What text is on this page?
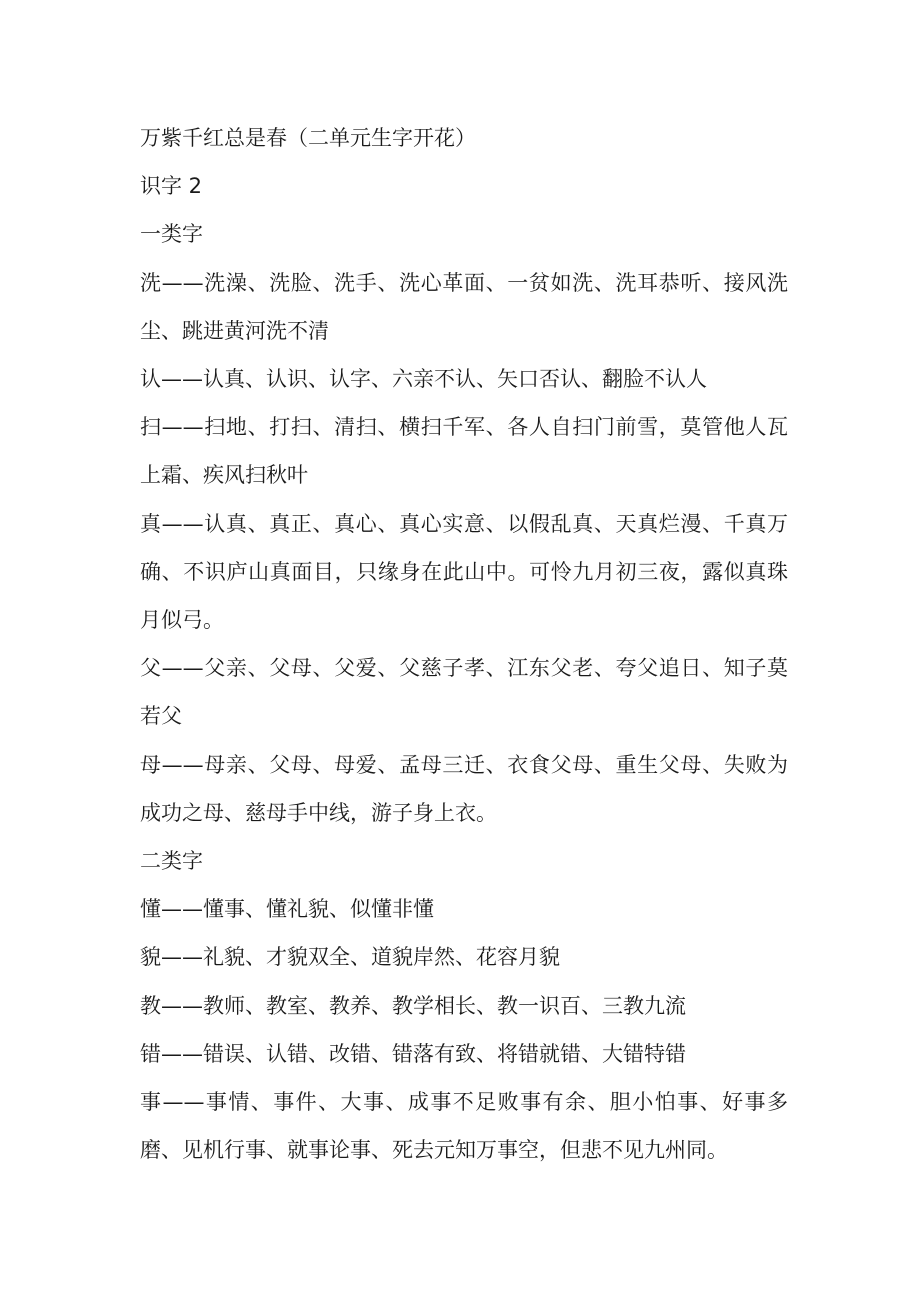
万紫千红总是春（二单元生字开花）

识字 2

一类字

洗——洗澡、洗脸、洗手、洗心革面、一贫如洗、洗耳恭听、接风洗尘、跳进黄河洗不清

认——认真、认识、认字、六亲不认、矢口否认、翻脸不认人

扫——扫地、打扫、清扫、横扫千军、各人自扫门前雪，莫管他人瓦上霜、疾风扫秋叶

真——认真、真正、真心、真心实意、以假乱真、天真烂漫、千真万确、不识庐山真面目，只缘身在此山中。可怜九月初三夜，露似真珠月似弓。

父——父亲、父母、父爱、父慈子孝、江东父老、夸父追日、知子莫若父

母——母亲、父母、母爱、孟母三迁、衣食父母、重生父母、失败为成功之母、慈母手中线，游子身上衣。

二类字

懂——懂事、懂礼貌、似懂非懂

貌——礼貌、才貌双全、道貌岸然、花容月貌

教——教师、教室、教养、教学相长、教一识百、三教九流

错——错误、认错、改错、错落有致、将错就错、大错特错

事——事情、事件、大事、成事不足败事有余、胆小怕事、好事多磨、见机行事、就事论事、死去元知万事空，但悲不见九州同。
